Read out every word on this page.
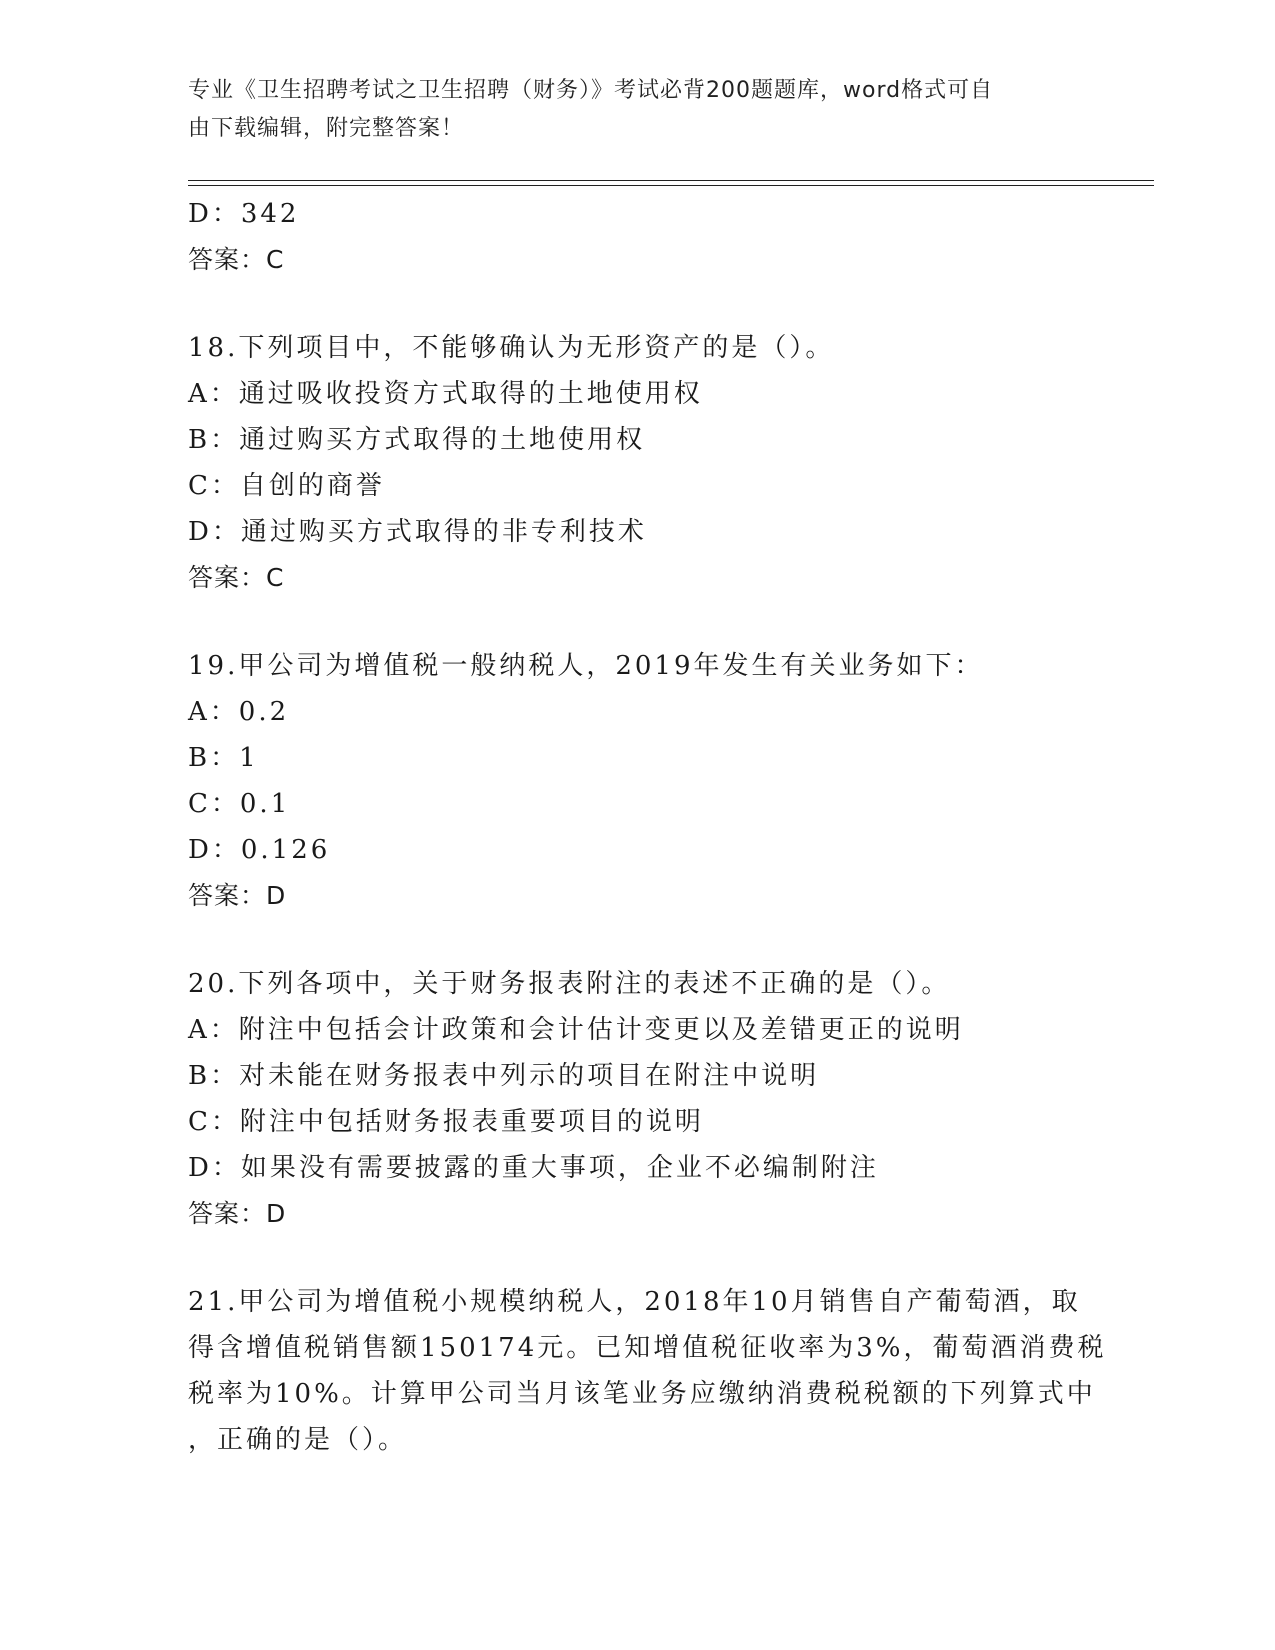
专业《卫生招聘考试之卫生招聘（财务）》考试必背200题题库，word格式可自
由下载编辑，附完整答案！
D：342
答案：C
18.下列项目中，不能够确认为无形资产的是（）。
A：通过吸收投资方式取得的土地使用权
B：通过购买方式取得的土地使用权
C：自创的商誉
D：通过购买方式取得的非专利技术
答案：C
19.甲公司为增值税一般纳税人，2019年发生有关业务如下：
A：0.2
B：1
C：0.1
D：0.126
答案：D
20.下列各项中，关于财务报表附注的表述不正确的是（）。
A：附注中包括会计政策和会计估计变更以及差错更正的说明
B：对未能在财务报表中列示的项目在附注中说明
C：附注中包括财务报表重要项目的说明
D：如果没有需要披露的重大事项，企业不必编制附注
答案：D
21.甲公司为增值税小规模纳税人，2018年10月销售自产葡萄酒，取
得含增值税销售额150174元。已知增值税征收率为3%，葡萄酒消费税
税率为10%。计算甲公司当月该笔业务应缴纳消费税税额的下列算式中
，正确的是（）。
